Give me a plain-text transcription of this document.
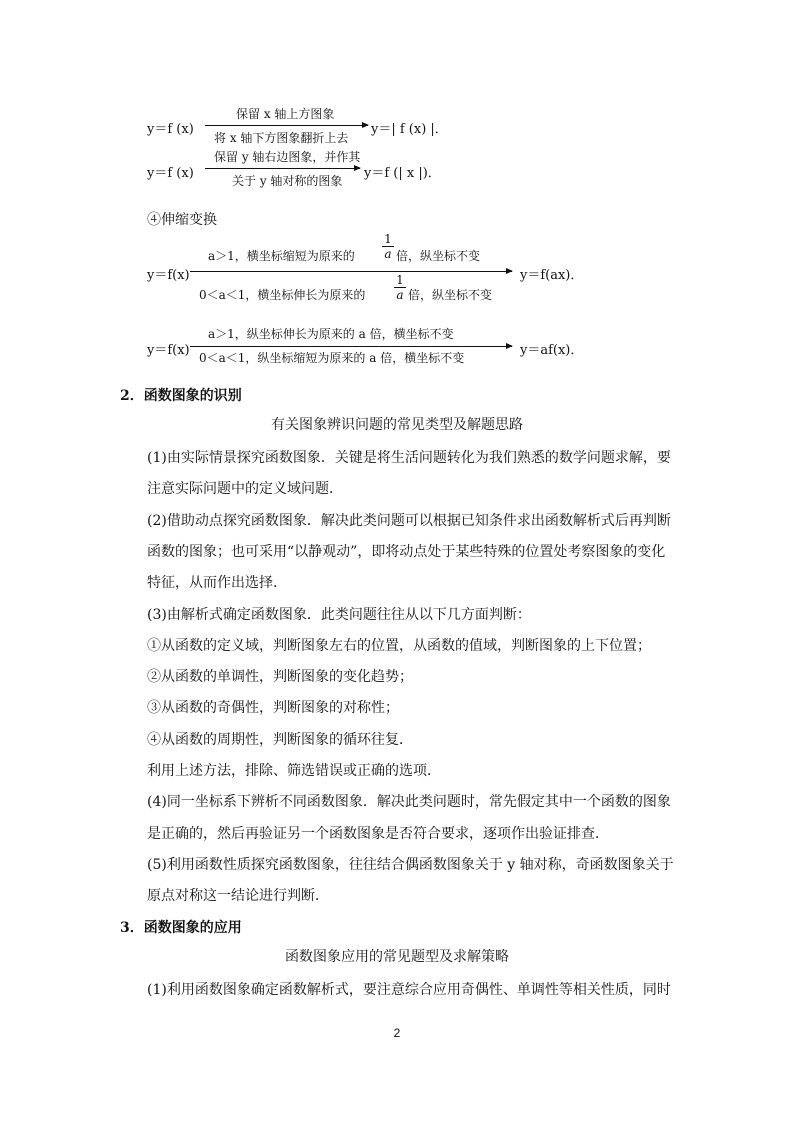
y＝f (x)
保留 x 轴上方图象
将 x 轴下方图象翻折上去
y＝| f (x) |．
y＝f (x)
保留 y 轴右边图象，并作其
关于 y 轴对称的图象 y＝f (| x |)．
④伸缩变换
y＝f(x)
a＞1，横坐标缩短为原来的
1
a 倍，纵坐标不变
0＜a＜1，横坐标伸长为原来的
1
a 倍，纵坐标不变
y＝f(ax)．
y＝f(x)
a＞1，纵坐标伸长为原来的 a 倍，横坐标不变
0＜a＜1，纵坐标缩短为原来的 a 倍，横坐标不变	y＝af(x)．
2．函数图象的识别
有关图象辨识问题的常见类型及解题思路
(1)由实际情景探究函数图象．关键是将生活问题转化为我们熟悉的数学问题求解，要
注意实际问题中的定义域问题．
(2)借助动点探究函数图象．解决此类问题可以根据已知条件求出函数解析式后再判断
函数的图象；也可采用“以静观动”，即将动点处于某些特殊的位置处考察图象的变化
特征，从而作出选择．
(3)由解析式确定函数图象．此类问题往往从以下几方面判断：
①从函数的定义域，判断图象左右的位置，从函数的值域，判断图象的上下位置；
②从函数的单调性，判断图象的变化趋势；
③从函数的奇偶性，判断图象的对称性；
④从函数的周期性，判断图象的循环往复．
利用上述方法，排除、筛选错误或正确的选项．
(4)同一坐标系下辨析不同函数图象．解决此类问题时，常先假定其中一个函数的图象
是正确的，然后再验证另一个函数图象是否符合要求，逐项作出验证排查．
(5)利用函数性质探究函数图象，往往结合偶函数图象关于 y 轴对称，奇函数图象关于
原点对称这一结论进行判断．
3．函数图象的应用
函数图象应用的常见题型及求解策略
(1)利用函数图象确定函数解析式，要注意综合应用奇偶性、单调性等相关性质，同时
2
